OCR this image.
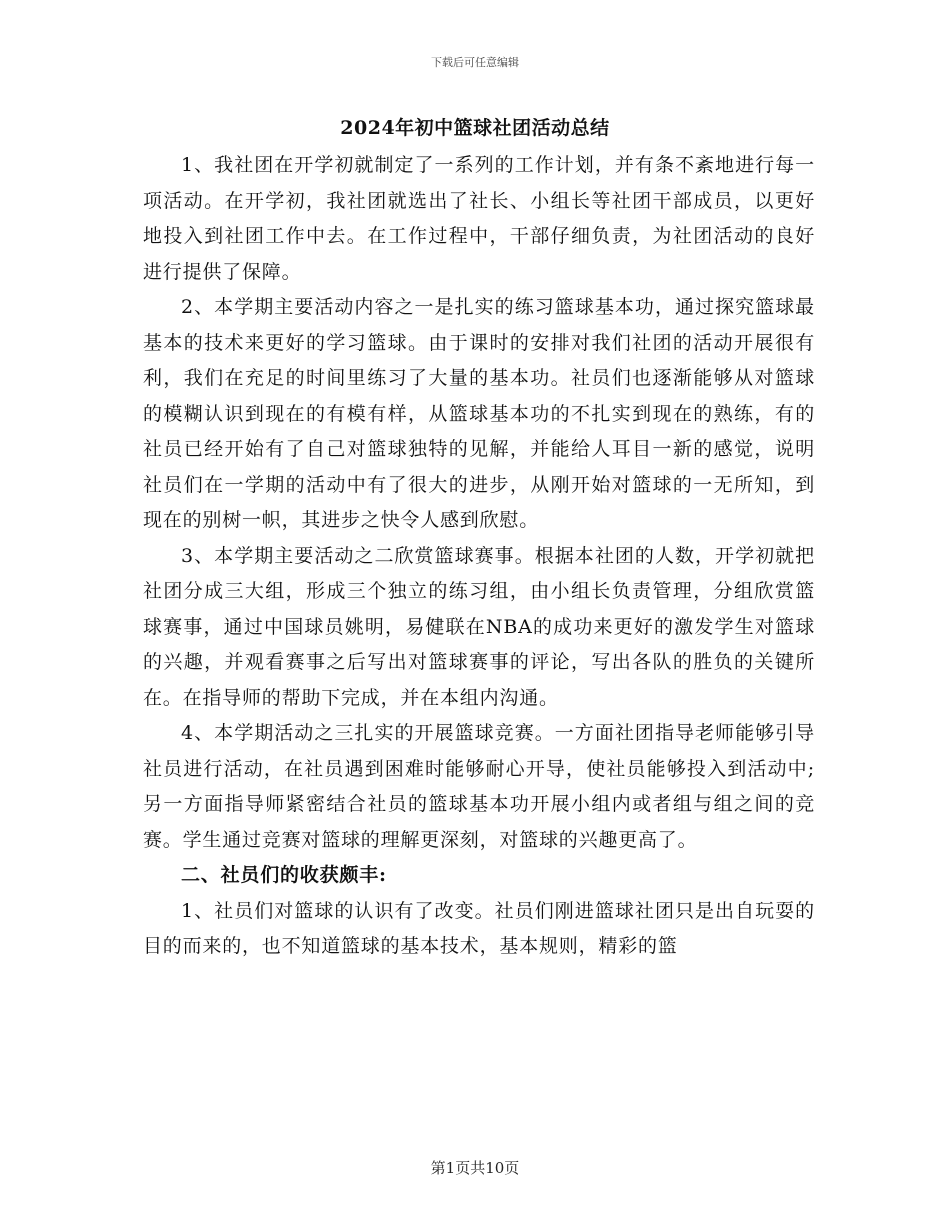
下载后可任意编辑
2024年初中篮球社团活动总结

1、我社团在开学初就制定了一系列的工作计划，并有条不紊地进行每一项活动。在开学初，我社团就选出了社长、小组长等社团干部成员，以更好地投入到社团工作中去。在工作过程中，干部仔细负责，为社团活动的良好进行提供了保障。

2、本学期主要活动内容之一是扎实的练习篮球基本功，通过探究篮球最基本的技术来更好的学习篮球。由于课时的安排对我们社团的活动开展很有利，我们在充足的时间里练习了大量的基本功。社员们也逐渐能够从对篮球的模糊认识到现在的有模有样，从篮球基本功的不扎实到现在的熟练，有的社员已经开始有了自己对篮球独特的见解，并能给人耳目一新的感觉，说明社员们在一学期的活动中有了很大的进步，从刚开始对篮球的一无所知，到现在的别树一帜，其进步之快令人感到欣慰。

3、本学期主要活动之二欣赏篮球赛事。根据本社团的人数，开学初就把社团分成三大组，形成三个独立的练习组，由小组长负责管理，分组欣赏篮球赛事，通过中国球员姚明，易健联在NBA的成功来更好的激发学生对篮球的兴趣，并观看赛事之后写出对篮球赛事的评论，写出各队的胜负的关键所在。在指导师的帮助下完成，并在本组内沟通。

4、本学期活动之三扎实的开展篮球竞赛。一方面社团指导老师能够引导社员进行活动，在社员遇到困难时能够耐心开导，使社员能够投入到活动中;另一方面指导师紧密结合社员的篮球基本功开展小组内或者组与组之间的竞赛。学生通过竞赛对篮球的理解更深刻，对篮球的兴趣更高了。

二、社员们的收获颇丰:

1、社员们对篮球的认识有了改变。社员们刚进篮球社团只是出自玩耍的目的而来的，也不知道篮球的基本技术，基本规则，精彩的篮

第1页共10页
